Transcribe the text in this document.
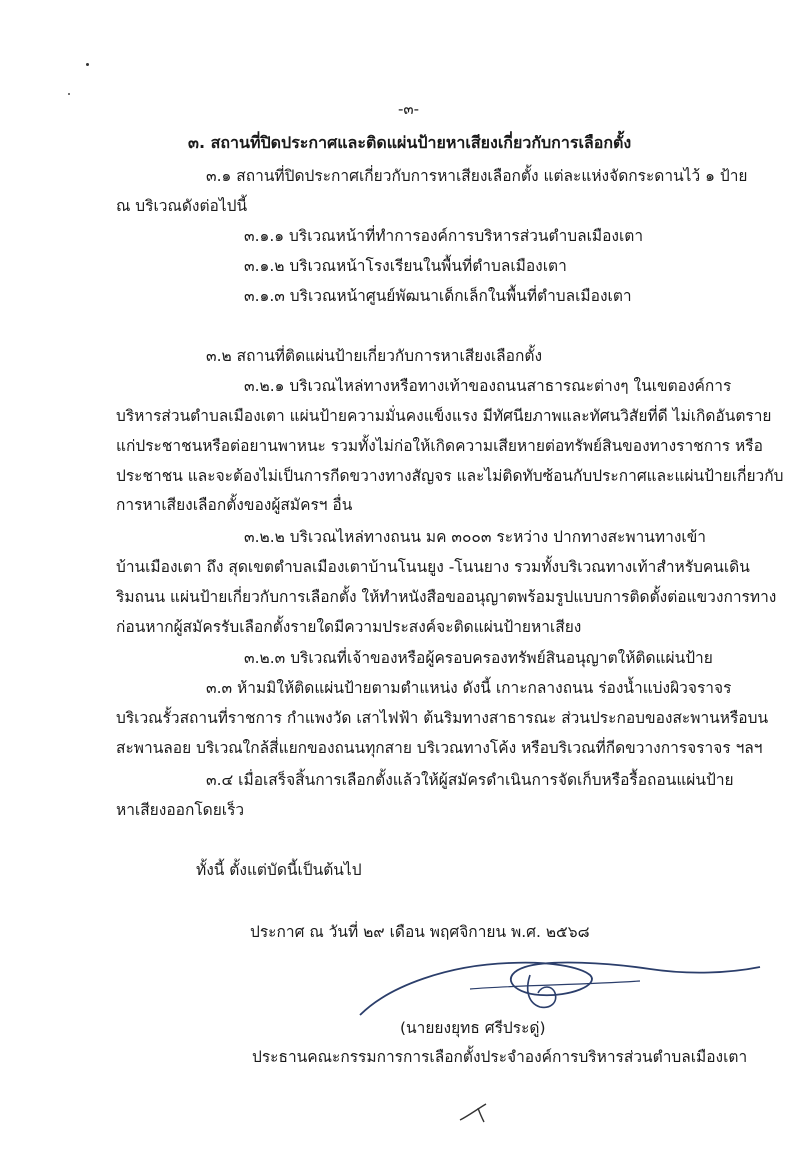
-๓-
๓. สถานที่ปิดประกาศและติดแผ่นป้ายหาเสียงเกี่ยวกับการเลือกตั้ง
๓.๑ สถานที่ปิดประกาศเกี่ยวกับการหาเสียงเลือกตั้ง แต่ละแห่งจัดกระดานไว้ ๑ ป้าย
ณ บริเวณดังต่อไปนี้
๓.๑.๑ บริเวณหน้าที่ทำการองค์การบริหารส่วนตำบลเมืองเตา
๓.๑.๒ บริเวณหน้าโรงเรียนในพื้นที่ตำบลเมืองเตา
๓.๑.๓ บริเวณหน้าศูนย์พัฒนาเด็กเล็กในพื้นที่ตำบลเมืองเตา
๓.๒ สถานที่ติดแผ่นป้ายเกี่ยวกับการหาเสียงเลือกตั้ง
๓.๒.๑ บริเวณไหล่ทางหรือทางเท้าของถนนสาธารณะต่างๆ ในเขตองค์การ
บริหารส่วนตำบลเมืองเตา แผ่นป้ายความมั่นคงแข็งแรง มีทัศนียภาพและทัศนวิสัยที่ดี ไม่เกิดอันตราย
แก่ประชาชนหรือต่อยานพาหนะ รวมทั้งไม่ก่อให้เกิดความเสียหายต่อทรัพย์สินของทางราชการ หรือ
ประชาชน และจะต้องไม่เป็นการกีดขวางทางสัญจร และไม่ติดทับซ้อนกับประกาศและแผ่นป้ายเกี่ยวกับ
การหาเสียงเลือกตั้งของผู้สมัครฯ อื่น
๓.๒.๒ บริเวณไหล่ทางถนน มค ๓๐๐๓ ระหว่าง ปากทางสะพานทางเข้า
บ้านเมืองเตา ถึง สุดเขตตำบลเมืองเตาบ้านโนนยูง -โนนยาง รวมทั้งบริเวณทางเท้าสำหรับคนเดิน
ริมถนน แผ่นป้ายเกี่ยวกับการเลือกตั้ง ให้ทำหนังสือขออนุญาตพร้อมรูปแบบการติดตั้งต่อแขวงการทาง
ก่อนหากผู้สมัครรับเลือกตั้งรายใดมีความประสงค์จะติดแผ่นป้ายหาเสียง
๓.๒.๓ บริเวณที่เจ้าของหรือผู้ครอบครองทรัพย์สินอนุญาตให้ติดแผ่นป้าย
๓.๓ ห้ามมิให้ติดแผ่นป้ายตามตำแหน่ง ดังนี้ เกาะกลางถนน ร่องน้ำแบ่งผิวจราจร
บริเวณรั้วสถานที่ราชการ กำแพงวัด เสาไฟฟ้า ต้นริมทางสาธารณะ ส่วนประกอบของสะพานหรือบน
สะพานลอย บริเวณใกล้สี่แยกของถนนทุกสาย บริเวณทางโค้ง หรือบริเวณที่กีดขวางการจราจร ฯลฯ
๓.๔ เมื่อเสร็จสิ้นการเลือกตั้งแล้วให้ผู้สมัครดำเนินการจัดเก็บหรือรื้อถอนแผ่นป้าย
หาเสียงออกโดยเร็ว
ทั้งนี้ ตั้งแต่บัดนี้เป็นต้นไป
ประกาศ ณ วันที่ ๒๙ เดือน พฤศจิกายน พ.ศ. ๒๕๖๘
(นายยงยุทธ ศรีประดู่)
ประธานคณะกรรมการการเลือกตั้งประจำองค์การบริหารส่วนตำบลเมืองเตา
